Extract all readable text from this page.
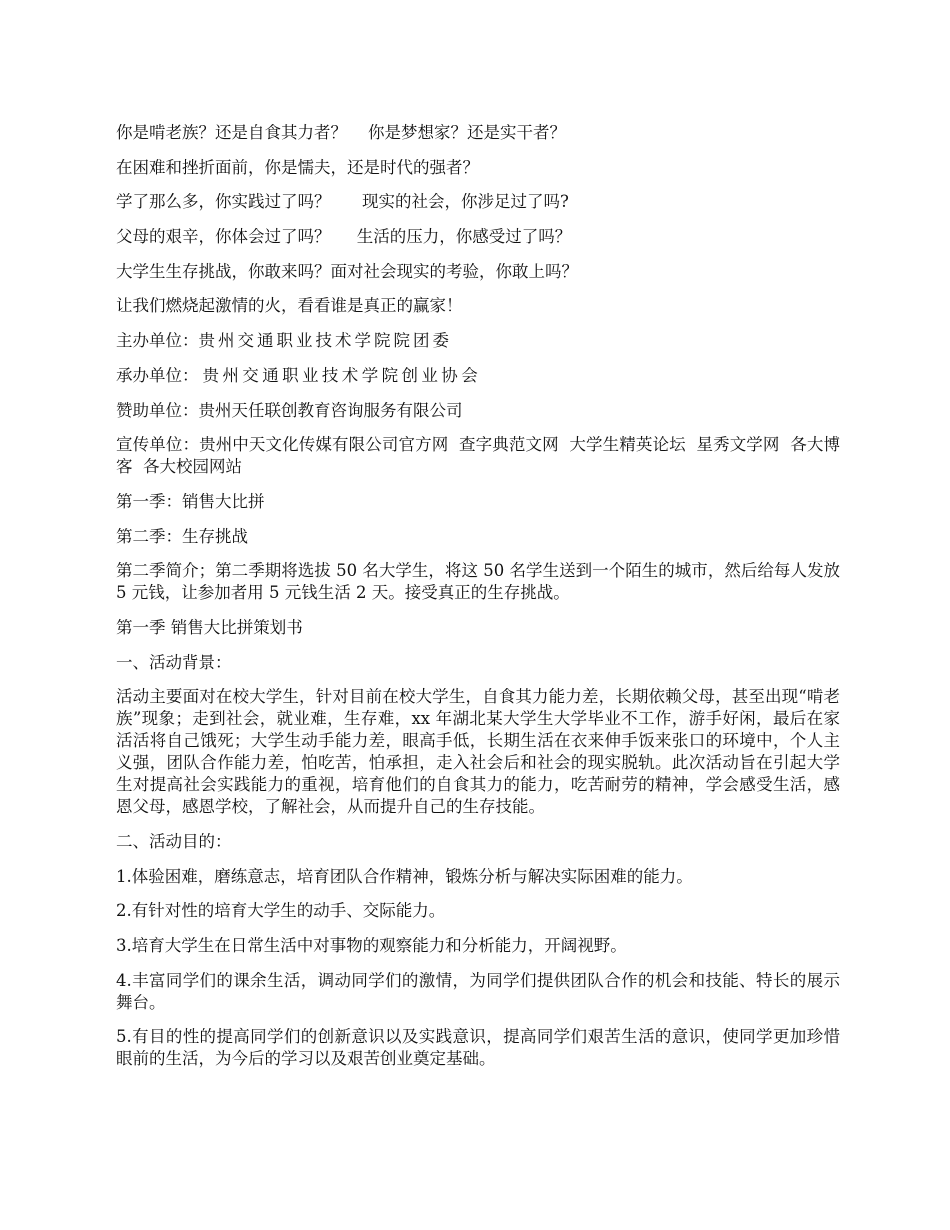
你是啃老族？还是自食其力者？    你是梦想家？还是实干者？

在困难和挫折面前，你是懦夫，还是时代的强者？

学了那么多，你实践过了吗？      现实的社会，你涉足过了吗?

父母的艰辛，你体会过了吗？     生活的压力，你感受过了吗？

大学生生存挑战，你敢来吗？面对社会现实的考验，你敢上吗？

让我们燃烧起激情的火，看看谁是真正的赢家！

主办单位：贵州交通职业技术学院院团委

承办单位： 贵州交通职业技术学院创业协会

赞助单位：贵州天任联创教育咨询服务有限公司

宣传单位：贵州中天文化传媒有限公司官方网  查字典范文网  大学生精英论坛  星秀文学网  各大博客  各大校园网站

第一季：销售大比拼

第二季：生存挑战

第二季简介；第二季期将选拔 50 名大学生，将这 50 名学生送到一个陌生的城市，然后给每人发放 5 元钱，让参加者用 5 元钱生活 2 天。接受真正的生存挑战。

第一季 销售大比拼策划书

一、活动背景：

活动主要面对在校大学生，针对目前在校大学生，自食其力能力差，长期依赖父母，甚至出现“啃老族”现象；走到社会，就业难，生存难，xx 年湖北某大学生大学毕业不工作，游手好闲，最后在家活活将自己饿死；大学生动手能力差，眼高手低，长期生活在衣来伸手饭来张口的环境中，个人主义强，团队合作能力差，怕吃苦，怕承担，走入社会后和社会的现实脱轨。此次活动旨在引起大学生对提高社会实践能力的重视，培育他们的自食其力的能力，吃苦耐劳的精神，学会感受生活，感恩父母，感恩学校，了解社会，从而提升自己的生存技能。

二、活动目的：

1.体验困难，磨练意志，培育团队合作精神，锻炼分析与解决实际困难的能力。

2.有针对性的培育大学生的动手、交际能力。

3.培育大学生在日常生活中对事物的观察能力和分析能力，开阔视野。

4.丰富同学们的课余生活，调动同学们的激情，为同学们提供团队合作的机会和技能、特长的展示舞台。

5.有目的性的提高同学们的创新意识以及实践意识，提高同学们艰苦生活的意识，使同学更加珍惜眼前的生活，为今后的学习以及艰苦创业奠定基础。
